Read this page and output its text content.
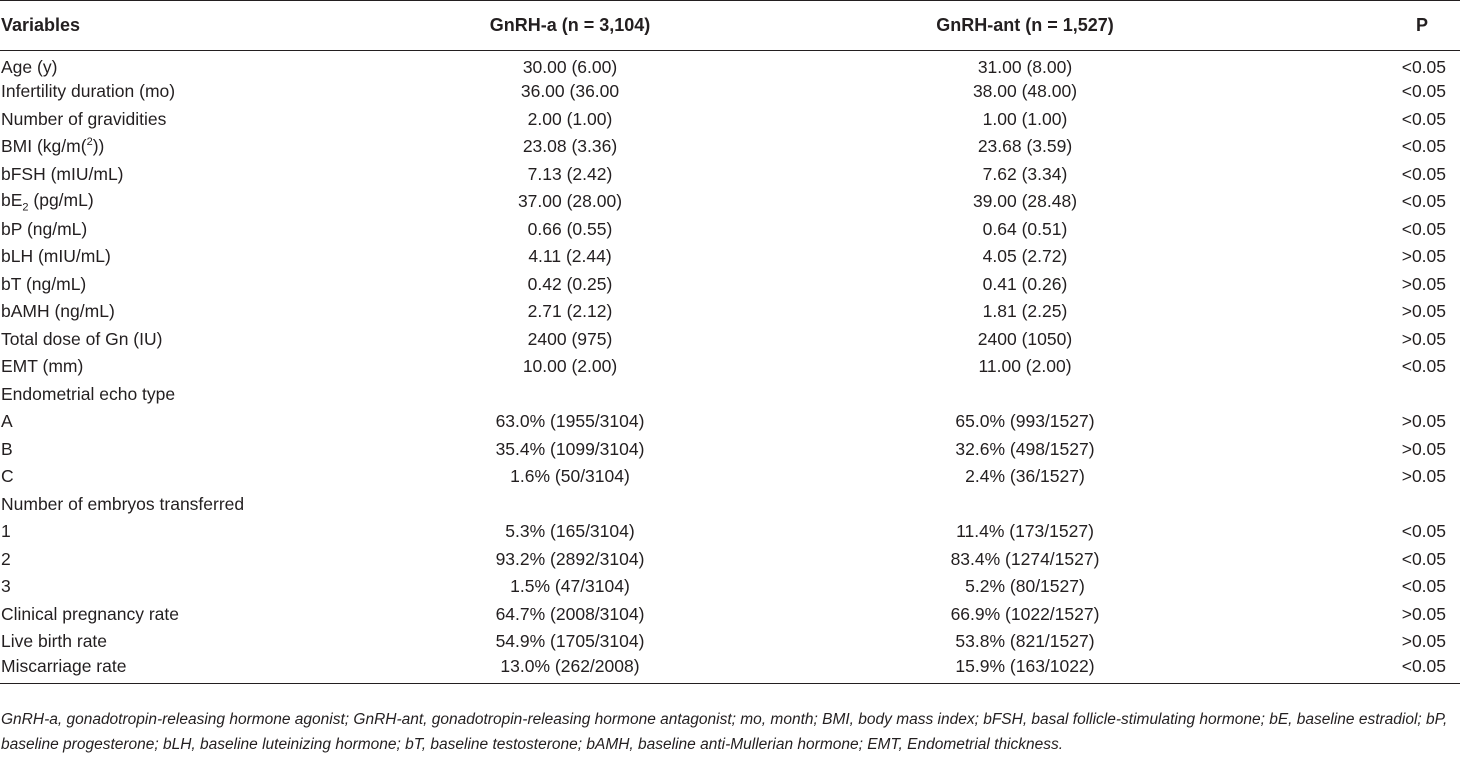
Variables	GnRH-a (n = 3,104)	GnRH-ant (n = 1,527)	P
Age (y)	30.00 (6.00)	31.00 (8.00)	<0.05
Infertility duration (mo)	36.00 (36.00	38.00 (48.00)	<0.05
Number of gravidities	2.00 (1.00)	1.00 (1.00)	<0.05
BMI (kg/m($^2$))	23.08 (3.36)	23.68 (3.59)	<0.05
bFSH (mIU/mL)	7.13 (2.42)	7.62 (3.34)	<0.05
$bE_2$ (pg/mL)	37.00 (28.00)	39.00 (28.48)	<0.05
bP (ng/mL)	0.66 (0.55)	0.64 (0.51)	<0.05
bLH (mIU/mL)	4.11 (2.44)	4.05 (2.72)	>0.05
bT (ng/mL)	0.42 (0.25)	0.41 (0.26)	>0.05
bAMH (ng/mL)	2.71 (2.12)	1.81 (2.25)	>0.05
Total dose of Gn (IU)	2400 (975)	2400 (1050)	>0.05
EMT (mm)	10.00 (2.00)	11.00 (2.00)	<0.05
Endometrial echo type			
A	63.0% (1955/3104)	65.0% (993/1527)	>0.05
B	35.4% (1099/3104)	32.6% (498/1527)	>0.05
C	1.6% (50/3104)	2.4% (36/1527)	>0.05
Number of embryos transferred			
1	5.3% (165/3104)	11.4% (173/1527)	<0.05
2	93.2% (2892/3104)	83.4% (1274/1527)	<0.05
3	1.5% (47/3104)	5.2% (80/1527)	<0.05
Clinical pregnancy rate	64.7% (2008/3104)	66.9% (1022/1527)	>0.05
Live birth rate	54.9% (1705/3104)	53.8% (821/1527)	>0.05
Miscarriage rate	13.0% (262/2008)	15.9% (163/1022)	<0.05
GnRH-a, gonadotropin-releasing hormone agonist; GnRH-ant, gonadotropin-releasing hormone antagonist; mo, month; BMI, body mass index; bFSH, basal follicle-stimulating hormone; bE, baseline estradiol; bP, baseline progesterone; bLH, baseline luteinizing hormone; bT, baseline testosterone; bAMH, baseline anti-Mullerian hormone; EMT, Endometrial thickness.
